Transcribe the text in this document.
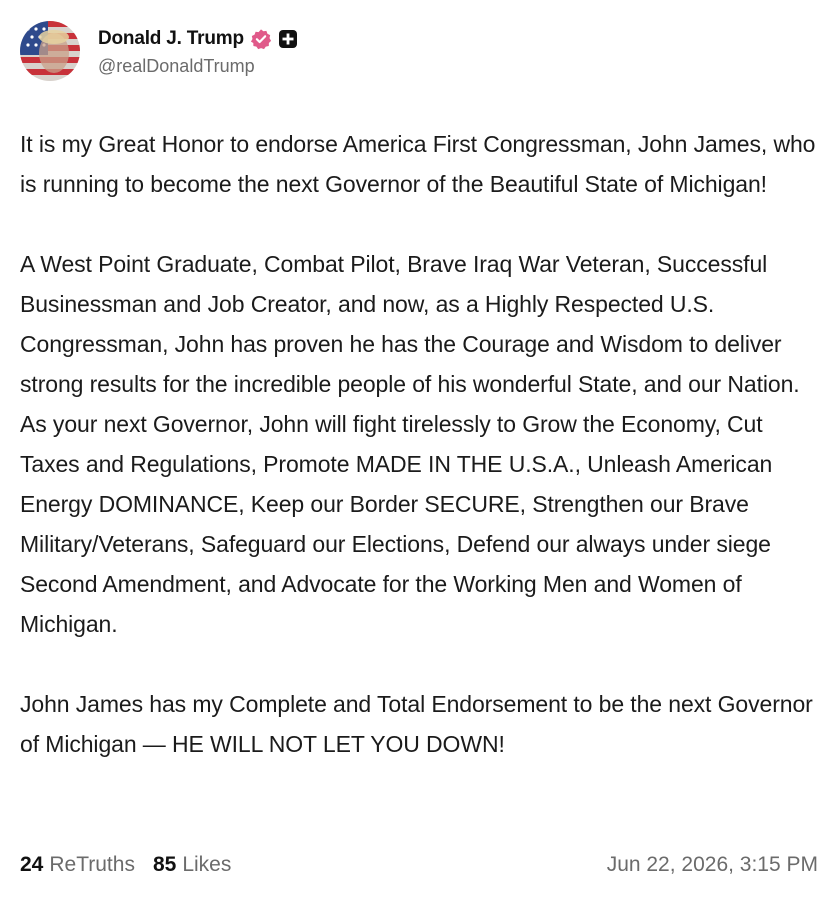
Donald J. Trump
@realDonaldTrump

It is my Great Honor to endorse America First Congressman, John James, who is running to become the next Governor of the Beautiful State of Michigan!

A West Point Graduate, Combat Pilot, Brave Iraq War Veteran, Successful Businessman and Job Creator, and now, as a Highly Respected U.S. Congressman, John has proven he has the Courage and Wisdom to deliver strong results for the incredible people of his wonderful State, and our Nation. As your next Governor, John will fight tirelessly to Grow the Economy, Cut Taxes and Regulations, Promote MADE IN THE U.S.A., Unleash American Energy DOMINANCE, Keep our Border SECURE, Strengthen our Brave Military/Veterans, Safeguard our Elections, Defend our always under siege Second Amendment, and Advocate for the Working Men and Women of Michigan.

John James has my Complete and Total Endorsement to be the next Governor of Michigan — HE WILL NOT LET YOU DOWN!

24 ReTruths 85 Likes	Jun 22, 2026, 3:15 PM
